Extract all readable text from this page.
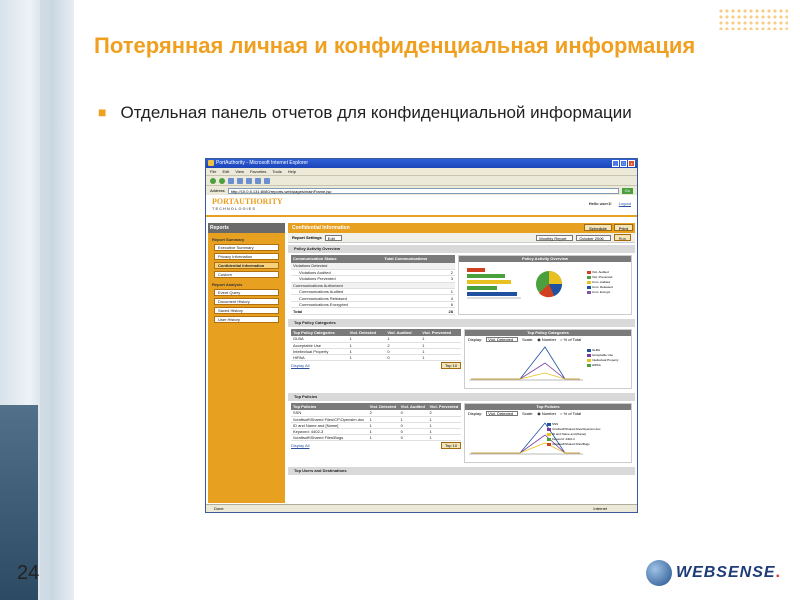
Потерянная личная и конфиденциальная информация
■ Отдельная панель отчетов для конфиденциальной информации
PortAuthority - Microsoft Internet Explorer	_	□	x
File Edit View Favorites Tools Help
Address	http://10.0.5.131:8080/reports-web/pages/mainFrame.jsp	Go
PORTAUTHORITY
TECHNOLOGIES
Hello user1! Logout
Reports
Report Summary
Executive Summary
Privacy Information
Confidential Information
Custom
Report Analysis
Event Query
Document History
Saved History
User History
Confidential Information	Schedule	Print
Report Settings	Edit	Monthly Report	October 2006	Run
Policy Activity Overview
Communication Status	Total Communications
Violations Detected	
Violations Audited	2
Violations Prevented	3
Communications Authorized	
Communications Audited	1
Communications Released	4
Communications Encrypted	6
Total	28
Policy Activity Overview
Viol. Audited
Viol. Prevented
Com. Audited
Com. Released
Com. Encrypt
Top Policy Categories
Top Policy Categories	Viol. Detected	Viol. Audited	Viol. Prevented
GLBA	1	1	1
Acceptable Use	1	2	1
Intellectual Property	1	0	1
HIPAA	1	0	1
Display All	Top 10
Top Policy Categories
Display:	Viol. Detected	Scale: ◉ Number ○ % of Total
GLBA
Acceptable Use
Intellectual Property
HIPAA
Top Policies
Top Policies	Viol. Detected	Viol. Audited	Viol. Prevented
SSN	2	0	2
\\craftsoft\Shared Files\CF\Opensim.doc	1	1	1
ID and Name and [Name]	1	0	1
Keyword: 4402-3	1	0	1
\\craftsoft\Shared Files\Bugs	1	0	1
Display All	Top 10
Top Policies
Display:	Viol. Detected	Scale: ◉ Number ○ % of Total
SSN
\\craftsoft\Shared Files\Opensim.doc
ID and Name and [Name]
Keyword: 4402-3
\\craftsoft\Shared Files\Bugs
Top Users and Destinations
Done	Internet
24	WEBSENSE .
